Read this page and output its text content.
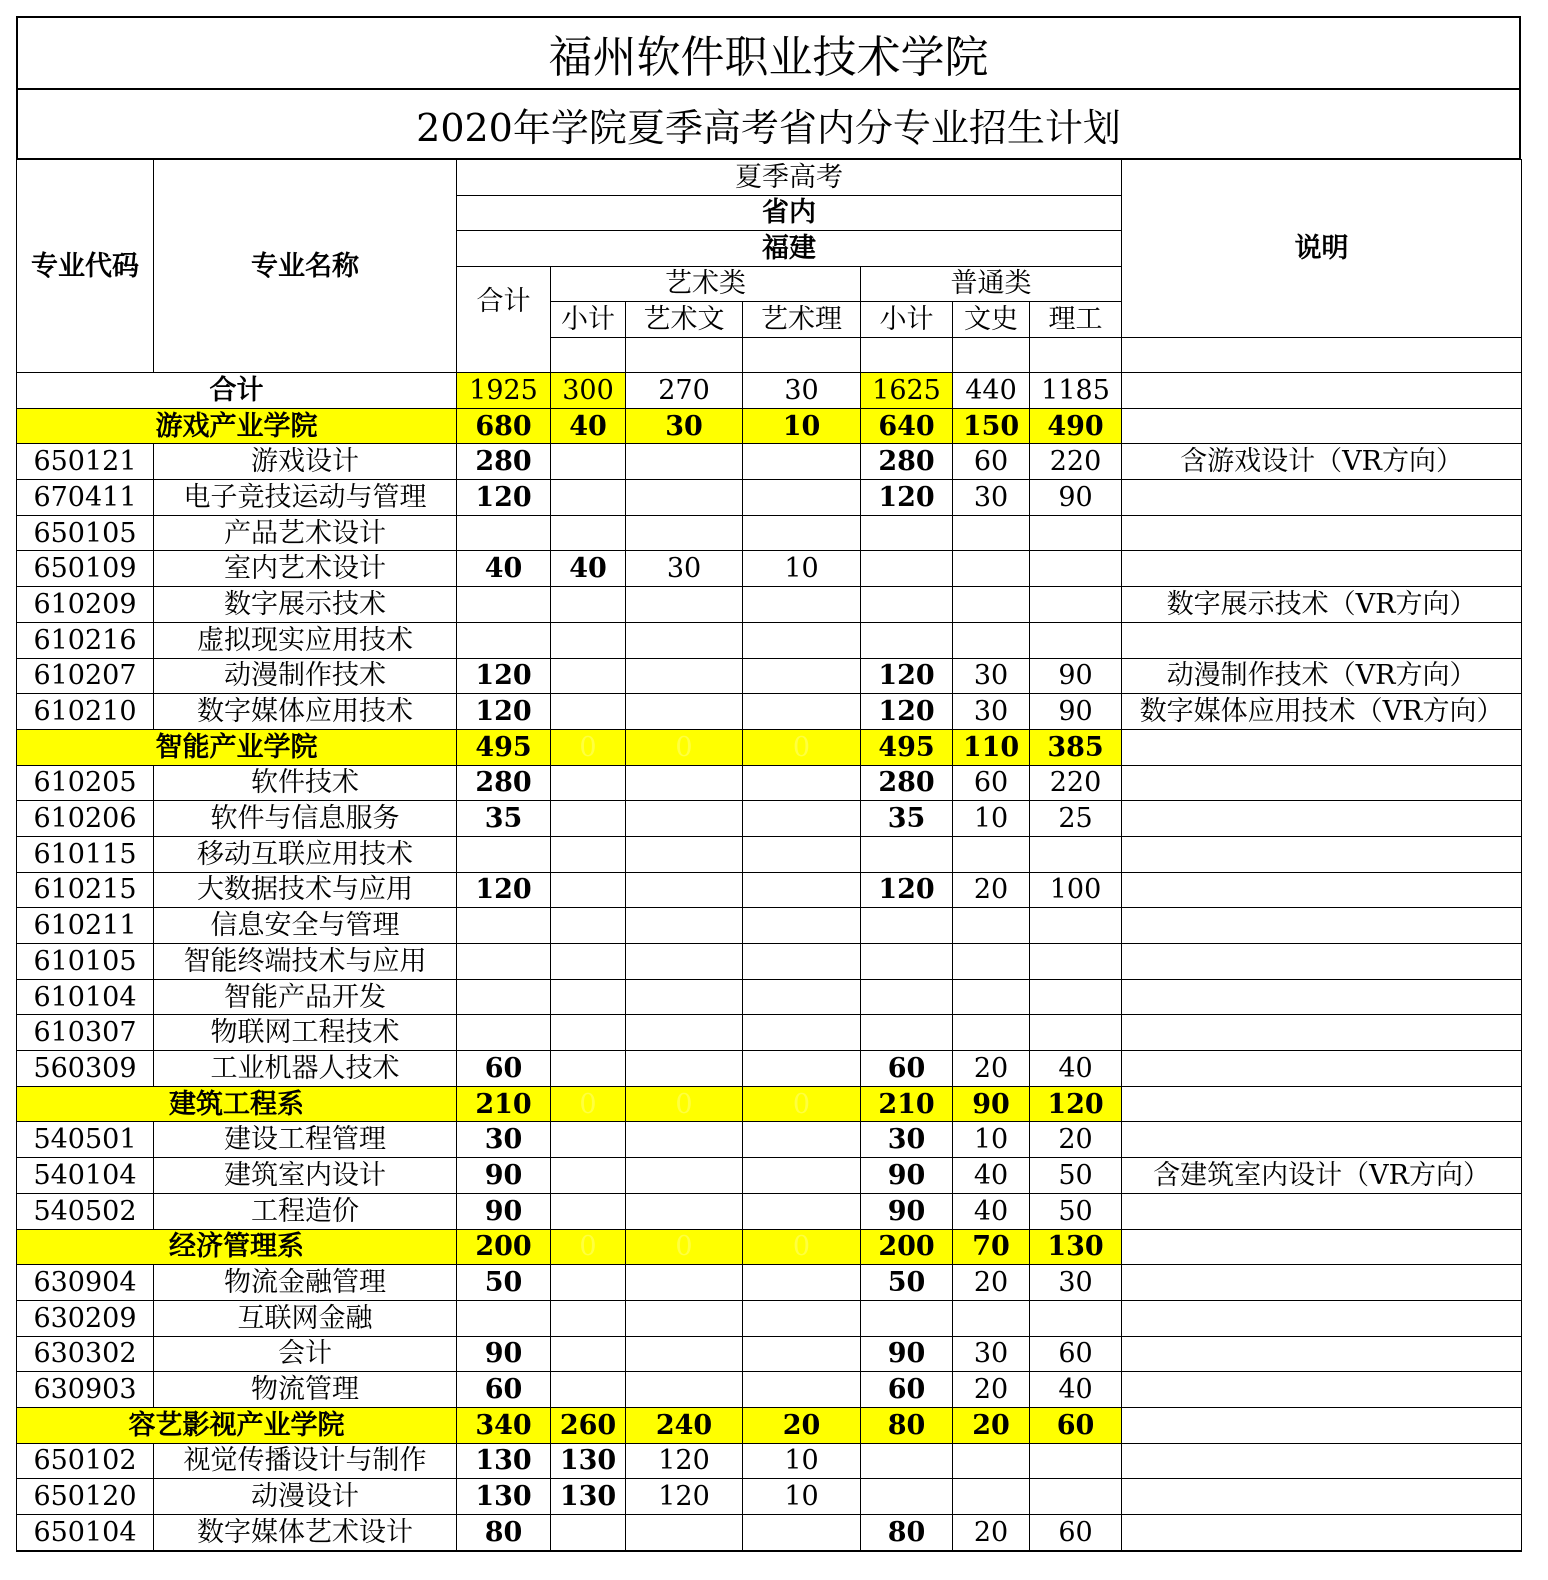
福州软件职业技术学院
2020年学院夏季高考省内分专业招生计划
专业代码	专业名称	夏季高考							说明
		省内							
		福建							
		合计	艺术类			普通类			
			小计	艺术文	艺术理	小计	文史	理工	

合计		1925	300	270	30	1625	440	1185	
游戏产业学院		680	40	30	10	640	150	490	
650121	游戏设计	280				280	60	220	含游戏设计（VR方向）
670411	电子竞技运动与管理	120				120	30	90	
650105	产品艺术设计								
650109	室内艺术设计	40	40	30	10				
610209	数字展示技术								数字展示技术（VR方向）
610216	虚拟现实应用技术								
610207	动漫制作技术	120				120	30	90	动漫制作技术（VR方向）
610210	数字媒体应用技术	120				120	30	90	数字媒体应用技术（VR方向）
智能产业学院		495	0	0	0	495	110	385	
610205	软件技术	280				280	60	220	
610206	软件与信息服务	35				35	10	25	
610115	移动互联应用技术								
610215	大数据技术与应用	120				120	20	100	
610211	信息安全与管理								
610105	智能终端技术与应用								
610104	智能产品开发								
610307	物联网工程技术								
560309	工业机器人技术	60				60	20	40	
建筑工程系		210	0	0	0	210	90	120	
540501	建设工程管理	30				30	10	20	
540104	建筑室内设计	90				90	40	50	含建筑室内设计（VR方向）
540502	工程造价	90				90	40	50	
经济管理系		200	0	0	0	200	70	130	
630904	物流金融管理	50				50	20	30	
630209	互联网金融								
630302	会计	90				90	30	60	
630903	物流管理	60				60	20	40	
容艺影视产业学院		340	260	240	20	80	20	60	
650102	视觉传播设计与制作	130	130	120	10				
650120	动漫设计	130	130	120	10				
650104	数字媒体艺术设计	80				80	20	60	
